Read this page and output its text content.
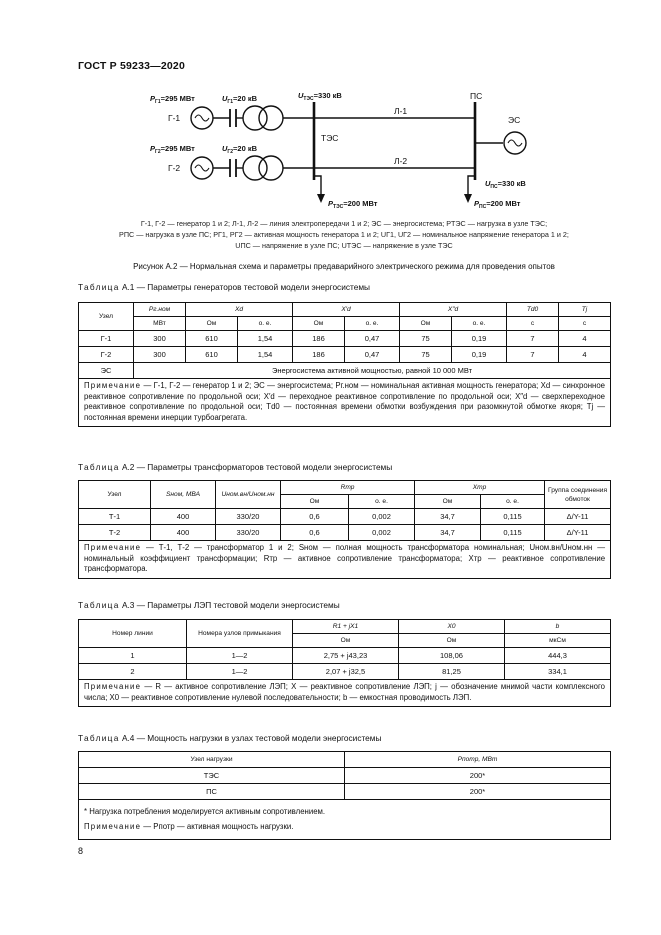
ГОСТ Р 59233—2020
$P_{Г1}=295$ МВт	$U_{Г1}=20$ кВ	$U_{ТЭС}=330$ кВ
$P_{Г2}=295$ МВт	$U_{Г2}=20$ кВ
$U_{ПС}=330$ кВ
$P_{ТЭС}=200$ МВт	$P_{ПС}=200$ МВт
Г-1
Г-2
ТЭС
Л-1
Л-2
ПС
ЭС

Г-1, Г-2 — генератор 1 и 2; Л-1, Л-2 — линия электропередачи 1 и 2; ЭС — энергосистема; PТЭС — нагрузка в узле ТЭС;

PПС — нагрузка в узле ПС; PГ1, PГ2 — активная мощность генератора 1 и 2; UГ1, UГ2 — номинальное напряжение генератора 1 и 2;

UПС — напряжение в узле ПС; UТЭС — напряжение в узле ТЭС

Рисунок А.2 — Нормальная схема и параметры предаварийного электрического режима для проведения опытов
Таблица А.1 — Параметры генераторов тестовой модели энергосистемы
Узел	Pг.ном	Xd		X′d		X″d		Td0	Tj
	МВт	Ом	о. е.	Ом	о. е.	Ом	о. е.	с	с
Г-1	300	610	1,54	186	0,47	75	0,19	7	4
Г-2	300	610	1,54	186	0,47	75	0,19	7	4
ЭС	Энергосистема активной мощностью, равной 10 000 МВт								
Примечание — Г-1, Г-2 — генератор 1 и 2; ЭС — энергосистема; Pг.ном — номинальная активная мощность генератора; Xd — синхронное реактивное сопротивление по продольной оси; X′d — переходное реактивное сопротивление по продольной оси; X″d — сверхпереходное реактивное сопротивление по продольной оси; Td0 — постоянная времени обмотки возбуждения при разомкнутой обмотке якоря; Tj — постоянная времени инерции турбоагрегата.									
Таблица А.2 — Параметры трансформаторов тестовой модели энергосистемы
Узел	Sном, МВА	Uном.вн/Uном.нн	Rтр		Xтр		Группа соединения обмоток
			Ом	о. е.	Ом	о. е.	
Т-1	400	330/20	0,6	0,002	34,7	0,115	Δ/Y-11
Т-2	400	330/20	0,6	0,002	34,7	0,115	Δ/Y-11
Примечание — Т-1, Т-2 — трансформатор 1 и 2; Sном — полная мощность трансформатора номинальная; Uном.вн/Uном.нн — номинальный коэффициент трансформации; Rтр — активное сопротивление трансформатора; Xтр — реактивное сопротивление трансформатора.							
Таблица А.3 — Параметры ЛЭП тестовой модели энергосистемы
Номер линии	Номера узлов примыкания	R1 + jX1	X0	b
		Ом	Ом	мкСм
1	1—2	2,75 + j43,23	108,06	444,3
2	1—2	2,07 + j32,5	81,25	334,1
Примечание — R — активное сопротивление ЛЭП; X — реактивное сопротивление ЛЭП; j — обозначение мнимой части комплексного числа; X0 — реактивное сопротивление нулевой последовательности; b — емкостная проводимость ЛЭП.				
Таблица А.4 — Мощность нагрузки в узлах тестовой модели энергосистемы
Узел нагрузки	Pпотр, МВт
ТЭС	200*
ПС	200*

* Нагрузка потребления моделируется активным сопротивлением.
Примечание — Pпотр — активная мощность нагрузки.	
8
